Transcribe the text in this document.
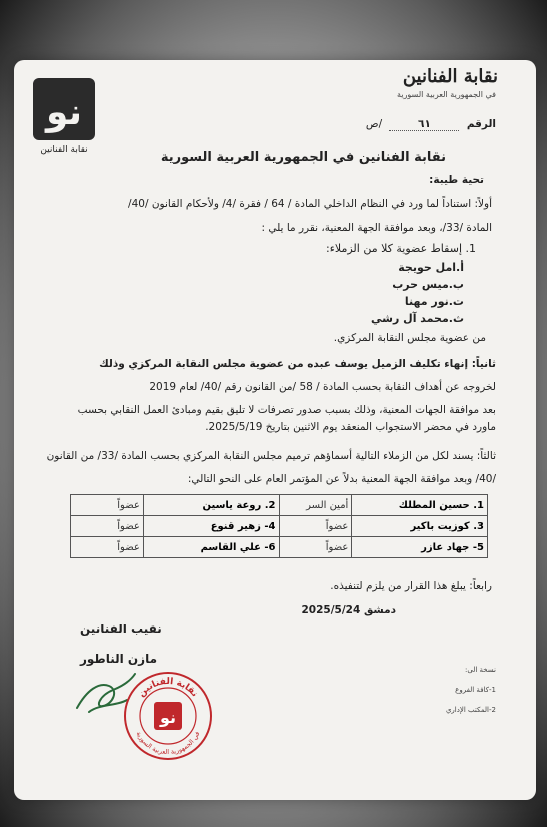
نو
نقابة الفنانين
نقابة الفنانين
في الجمهورية العربية السورية
الرقم ٦١ /ص
نقابة الفنانين في الجمهورية العربية السورية
تحية طيبة:
أولاً: استناداً لما ورد في النظام الداخلي المادة / 64 / فقرة /4/ ولأحكام القانون /40/
المادة /33/، وبعد موافقة الجهة المعنية، نقرر ما يلي :
1. إسقاط عضوية كلا من الزملاء:
أ.امل حويجة
ب.ميس حرب
ت.نور مهنا
ث.محمد آل رشي
من عضوية مجلس النقابة المركزي.
ثانياً: إنهاء تكليف الزميل يوسف عبده من عضوية مجلس النقابة المركزي وذلك
لخروجه عن أهداف النقابة بحسب المادة / 58 /من القانون رقم /40/ لعام 2019
بعد موافقة الجهات المعنية، وذلك بسبب صدور تصرفات لا تليق بقيم ومبادئ العمل النقابي بحسب
ماورد في محضر الاستجواب المنعقد يوم الاثنين بتاريخ 2025/5/19.
ثالثاً: يسند لكل من الزملاء التالية أسماؤهم ترميم مجلس النقابة المركزي بحسب المادة /33/ من القانون
/40/ وبعد موافقة الجهة المعنية بدلاً عن المؤتمر العام على النحو التالي:
1. حسين المطلك	أمين السر	2. روعة ياسين	عضواً
3. كوزيت باكير	عضواً	4- زهير قنوع	عضواً
5- جهاد عازر	عضواً	6- علي القاسم	عضواً
رابعاً: يبلغ هذا القرار من يلزم لتنفيذه.
دمشق 2025/5/24
نقيب الفنانين
مازن الناطور
نقابة الفنانين
في الجمهورية العربية السورية
نو
نسخة الى:
1-كافة الفروع
2-المكتب الإداري
